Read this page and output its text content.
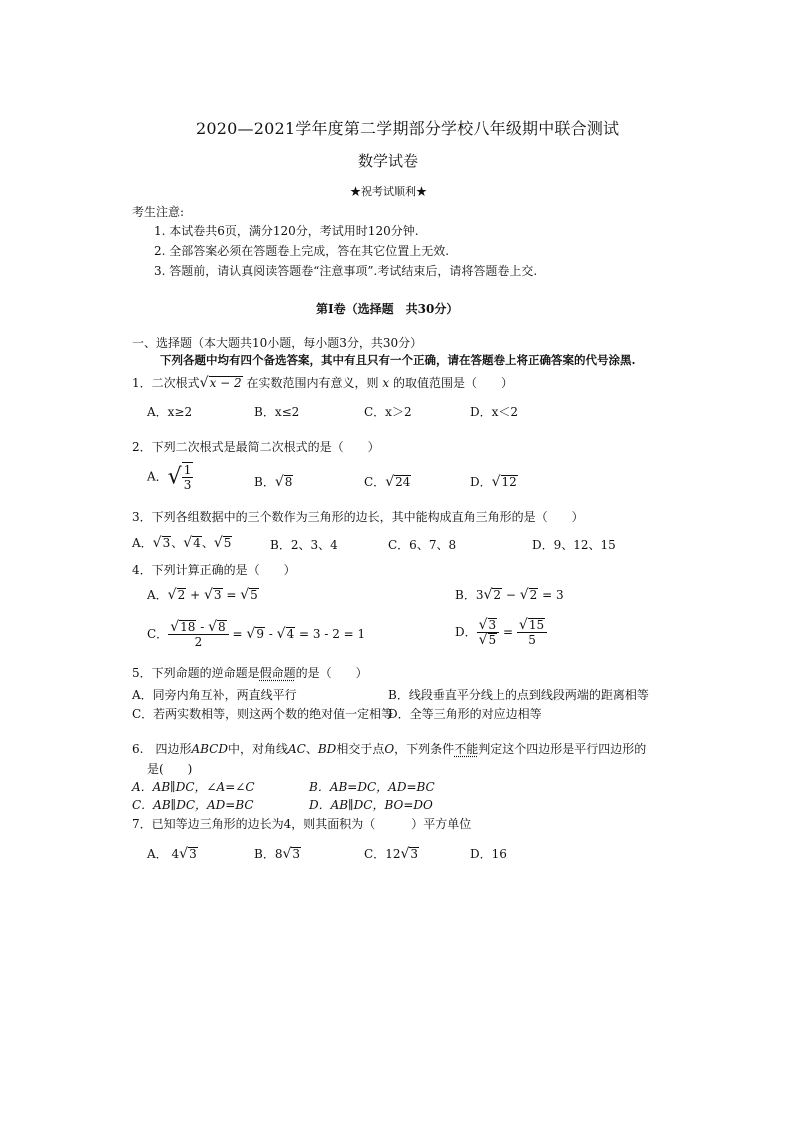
2020—2021学年度第二学期部分学校八年级期中联合测试
数学试卷
★祝考试顺利★
考生注意:
1. 本试卷共6页，满分120分，考试用时120分钟.
2. 全部答案必须在答题卷上完成，答在其它位置上无效.
3. 答题前，请认真阅读答题卷“注意事项”.考试结束后，请将答题卷上交.
第Ⅰ卷（选择题　共30分）
一、选择题（本大题共10小题，每小题3分，共30分）
下列各题中均有四个备选答案，其中有且只有一个正确，请在答题卷上将正确答案的代号涂黑.
1．二次根式√x − 2 在实数范围内有意义，则 x 的取值范围是（　　）
A．x≥2	B．x≤2	C．x＞2	D．x＜2
2．下列二次根式是最简二次根式的是（　　）
A．√ $\frac{1}{3}$	B．√8	C．√24	D．√12
3．下列各组数据中的三个数作为三角形的边长，其中能构成直角三角形的是（　　）
A．√3、√4、√5	B．2、3、4	C．6、7、8	D．9、12、15
4．下列计算正确的是（　　）
A．√2 + √3 = √5	B．3√2 − √2 = 3
C． $\frac{√18 - √8}{2} = √9 - √4 = 3 - 2 = 1$	D． $\frac{√3}{√5} = \frac{√15}{5}$
5．下列命题的逆命题是假命题的是（　　）
A．同旁内角互补，两直线平行	B．线段垂直平分线上的点到线段两端的距离相等
C．若两实数相等，则这两个数的绝对值一定相等
D．全等三角形的对应边相等
6.　四边形ABCD中，对角线AC、BD相交于点O，下列条件不能判定这个四边形是平行四边形的
是(　　)
A．AB∥DC，∠A=∠C	B．AB=DC，AD=BC
C．AB∥DC，AD=BC	D．AB∥DC，BO=DO
7．已知等边三角形的边长为4，则其面积为（　　　）平方单位
A． 4√3	B．8√3	C．12√3	D．16
